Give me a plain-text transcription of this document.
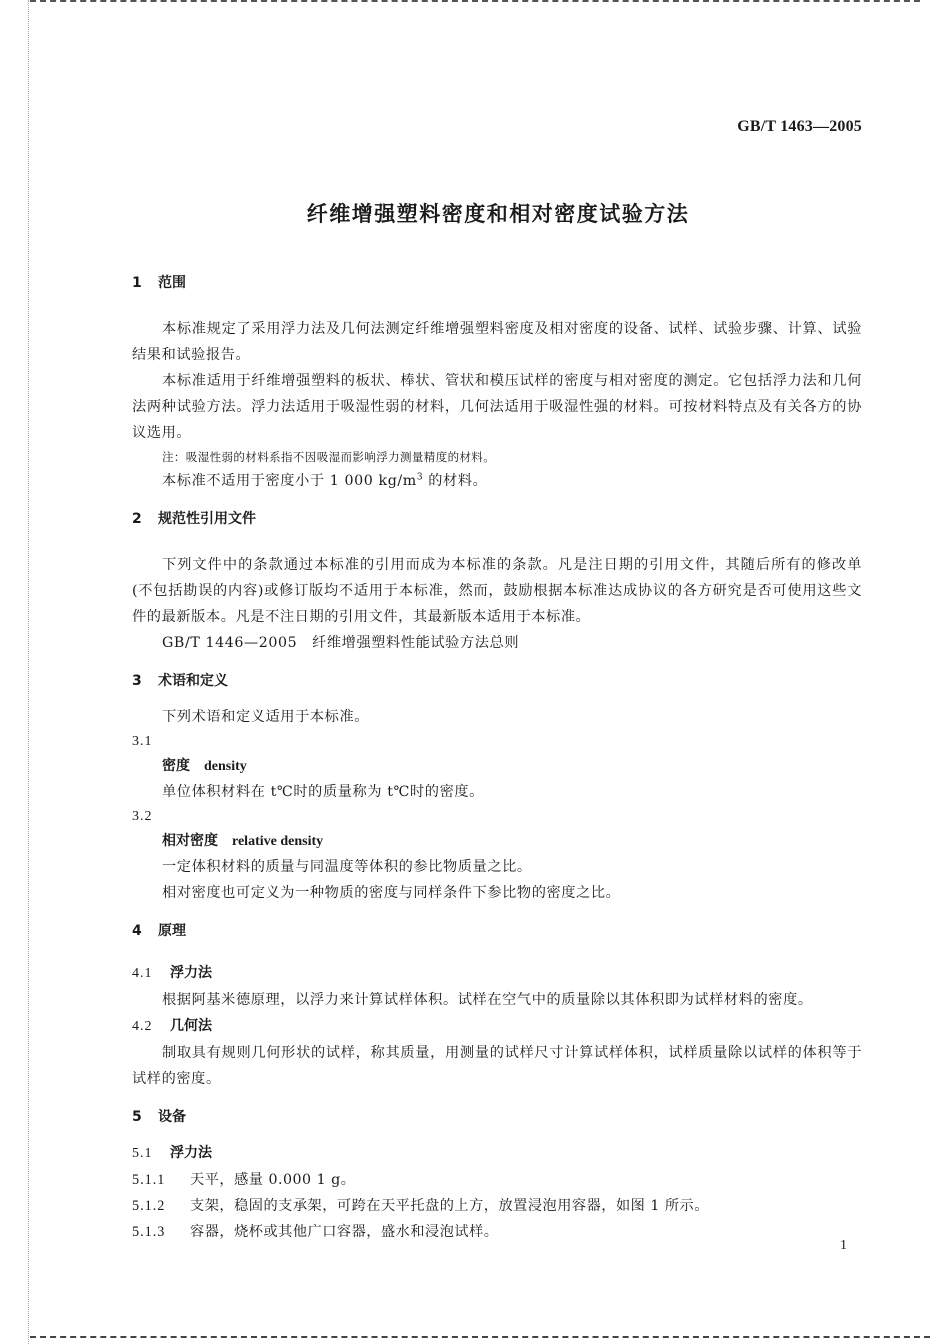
GB/T 1463—2005
纤维增强塑料密度和相对密度试验方法

1 范围

本标准规定了采用浮力法及几何法测定纤维增强塑料密度及相对密度的设备、试样、试验步骤、计算、试验结果和试验报告。

本标准适用于纤维增强塑料的板状、棒状、管状和模压试样的密度与相对密度的测定。它包括浮力法和几何法两种试验方法。浮力法适用于吸湿性弱的材料，几何法适用于吸湿性强的材料。可按材料特点及有关各方的协议选用。

注：吸湿性弱的材料系指不因吸湿而影响浮力测量精度的材料。

本标准不适用于密度小于 1 000 $kg/m^3$ 的材料。

2 规范性引用文件

下列文件中的条款通过本标准的引用而成为本标准的条款。凡是注日期的引用文件，其随后所有的修改单(不包括勘误的内容)或修订版均不适用于本标准，然而，鼓励根据本标准达成协议的各方研究是否可使用这些文件的最新版本。凡是不注日期的引用文件，其最新版本适用于本标准。

GB/T 1446—2005　纤维增强塑料性能试验方法总则

3 术语和定义

下列术语和定义适用于本标准。

3.1

密度 density

单位体积材料在 t℃时的质量称为 t℃时的密度。

3.2

相对密度 relative density

一定体积材料的质量与同温度等体积的参比物质量之比。

相对密度也可定义为一种物质的密度与同样条件下参比物的密度之比。

4 原理

4.1 浮力法

根据阿基米德原理，以浮力来计算试样体积。试样在空气中的质量除以其体积即为试样材料的密度。

4.2 几何法

制取具有规则几何形状的试样，称其质量，用测量的试样尺寸计算试样体积，试样质量除以试样的体积等于试样的密度。

5 设备

5.1 浮力法

5.1.1 天平，感量 0.000 1 g。

5.1.2 支架，稳固的支承架，可跨在天平托盘的上方，放置浸泡用容器，如图 1 所示。

5.1.3 容器，烧杯或其他广口容器，盛水和浸泡试样。

1
